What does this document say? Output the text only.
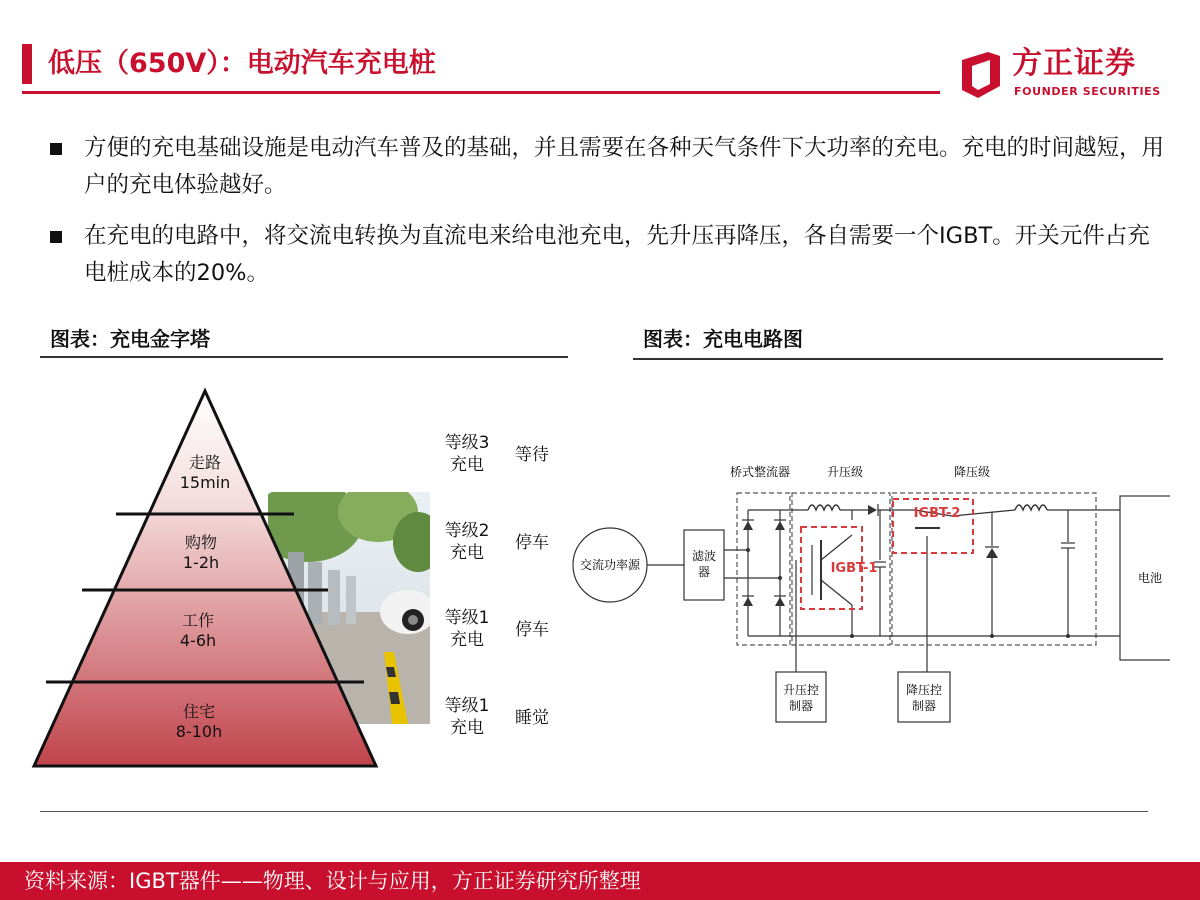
低压（650V）：电动汽车充电桩	方正证券
FOUNDER SECURITIES
方便的充电基础设施是电动汽车普及的基础，并且需要在各种天气条件下大功率的充电。充电的时间越短，用户的充电体验越好。
在充电的电路中，将交流电转换为直流电来给电池充电，先升压再降压，各自需要一个IGBT。开关元件占充电桩成本的20%。
图表：充电金字塔	图表：充电电路图
走路
15min
购物
1-2h
工作
4-6h
住宅
8-10h
等级3
充电	等待
等级2
充电	停车
等级1
充电	停车
等级1
充电	睡觉
桥式整流器	升压级	降压级
交流功率源
滤波
器	IGBT-1
IGBT-2
电池
升压控
制器
降压控
制器
资料来源：IGBT器件——物理、设计与应用，方正证券研究所整理
